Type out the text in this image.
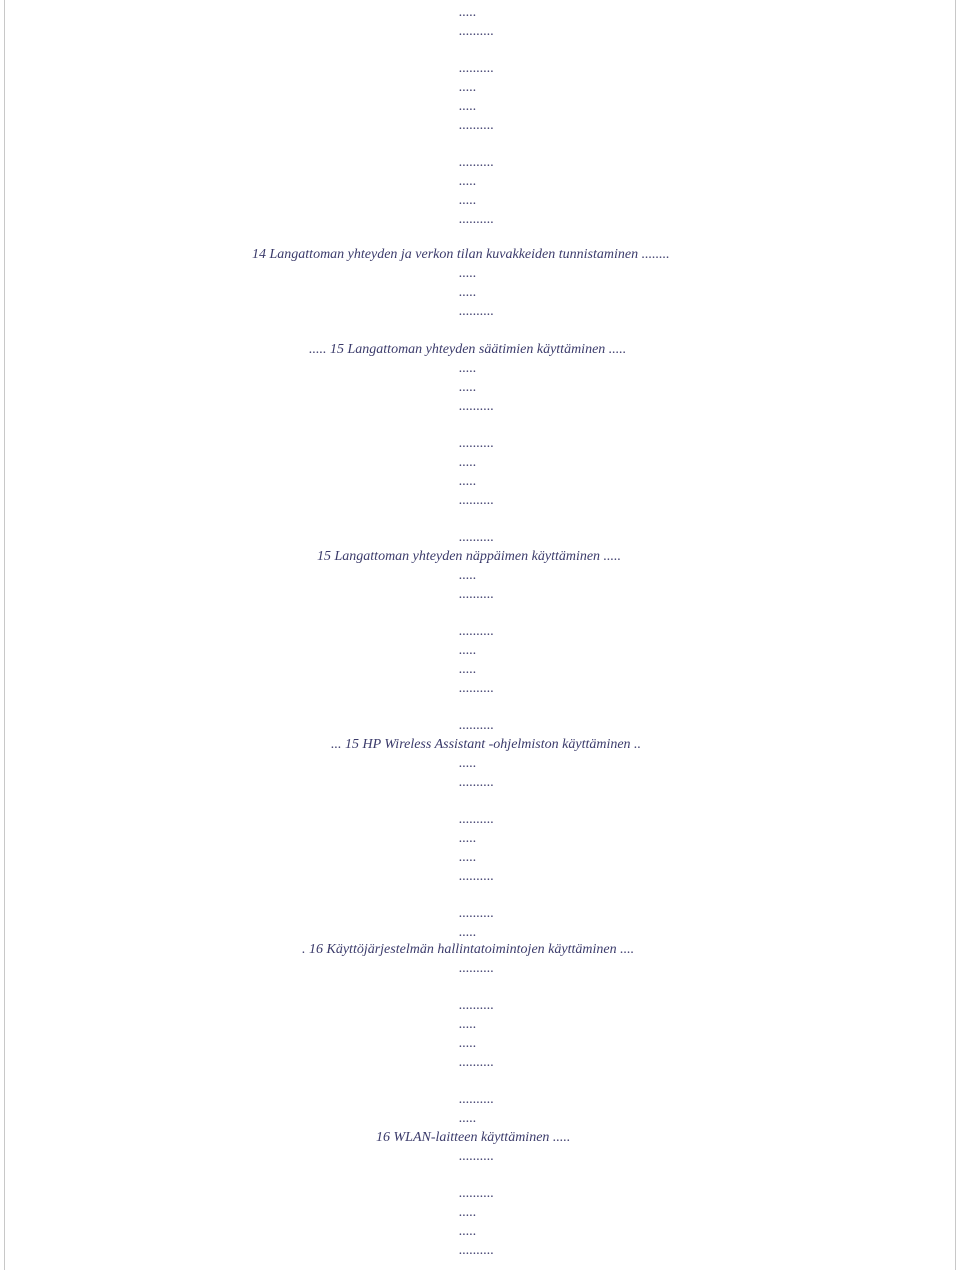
.....
..........
..........
.....
.....
..........
..........
.....
.....
..........
14 Langattoman yhteyden ja verkon tilan kuvakkeiden tunnistaminen ........
.....
.....
..........
..... 15 Langattoman yhteyden säätimien käyttäminen .....
.....
.....
..........
..........
.....
.....
..........
..........
15 Langattoman yhteyden näppäimen käyttäminen .....
.....
..........
..........
.....
.....
..........
..........
... 15 HP Wireless Assistant -ohjelmiston käyttäminen ..
.....
..........
..........
.....
.....
..........
..........
.....
. 16 Käyttöjärjestelmän hallintatoimintojen käyttäminen ....
..........
..........
.....
.....
..........
..........
.....
16 WLAN-laitteen käyttäminen .....
..........
..........
.....
.....
..........
